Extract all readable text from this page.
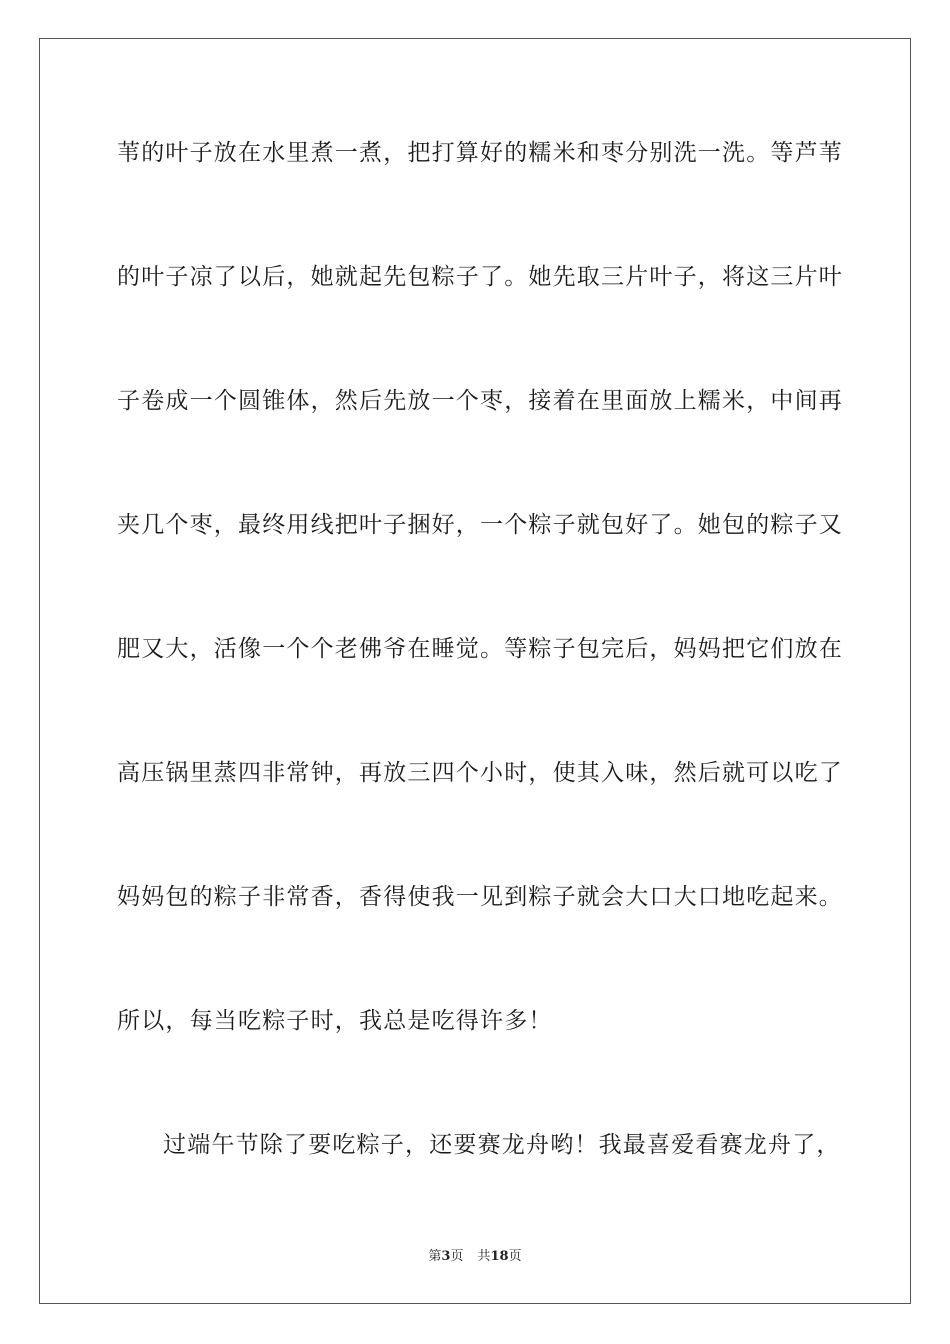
苇的叶子放在水里煮一煮，把打算好的糯米和枣分别洗一洗。等芦苇
的叶子凉了以后，她就起先包粽子了。她先取三片叶子，将这三片叶
子卷成一个圆锥体，然后先放一个枣，接着在里面放上糯米，中间再
夹几个枣，最终用线把叶子捆好，一个粽子就包好了。她包的粽子又
肥又大，活像一个个老佛爷在睡觉。等粽子包完后，妈妈把它们放在
高压锅里蒸四非常钟，再放三四个小时，使其入味，然后就可以吃了
妈妈包的粽子非常香，香得使我一见到粽子就会大口大口地吃起来。
所以，每当吃粽子时，我总是吃得许多！
过端午节除了要吃粽子，还要赛龙舟哟！我最喜爱看赛龙舟了，
第3页 共18页
